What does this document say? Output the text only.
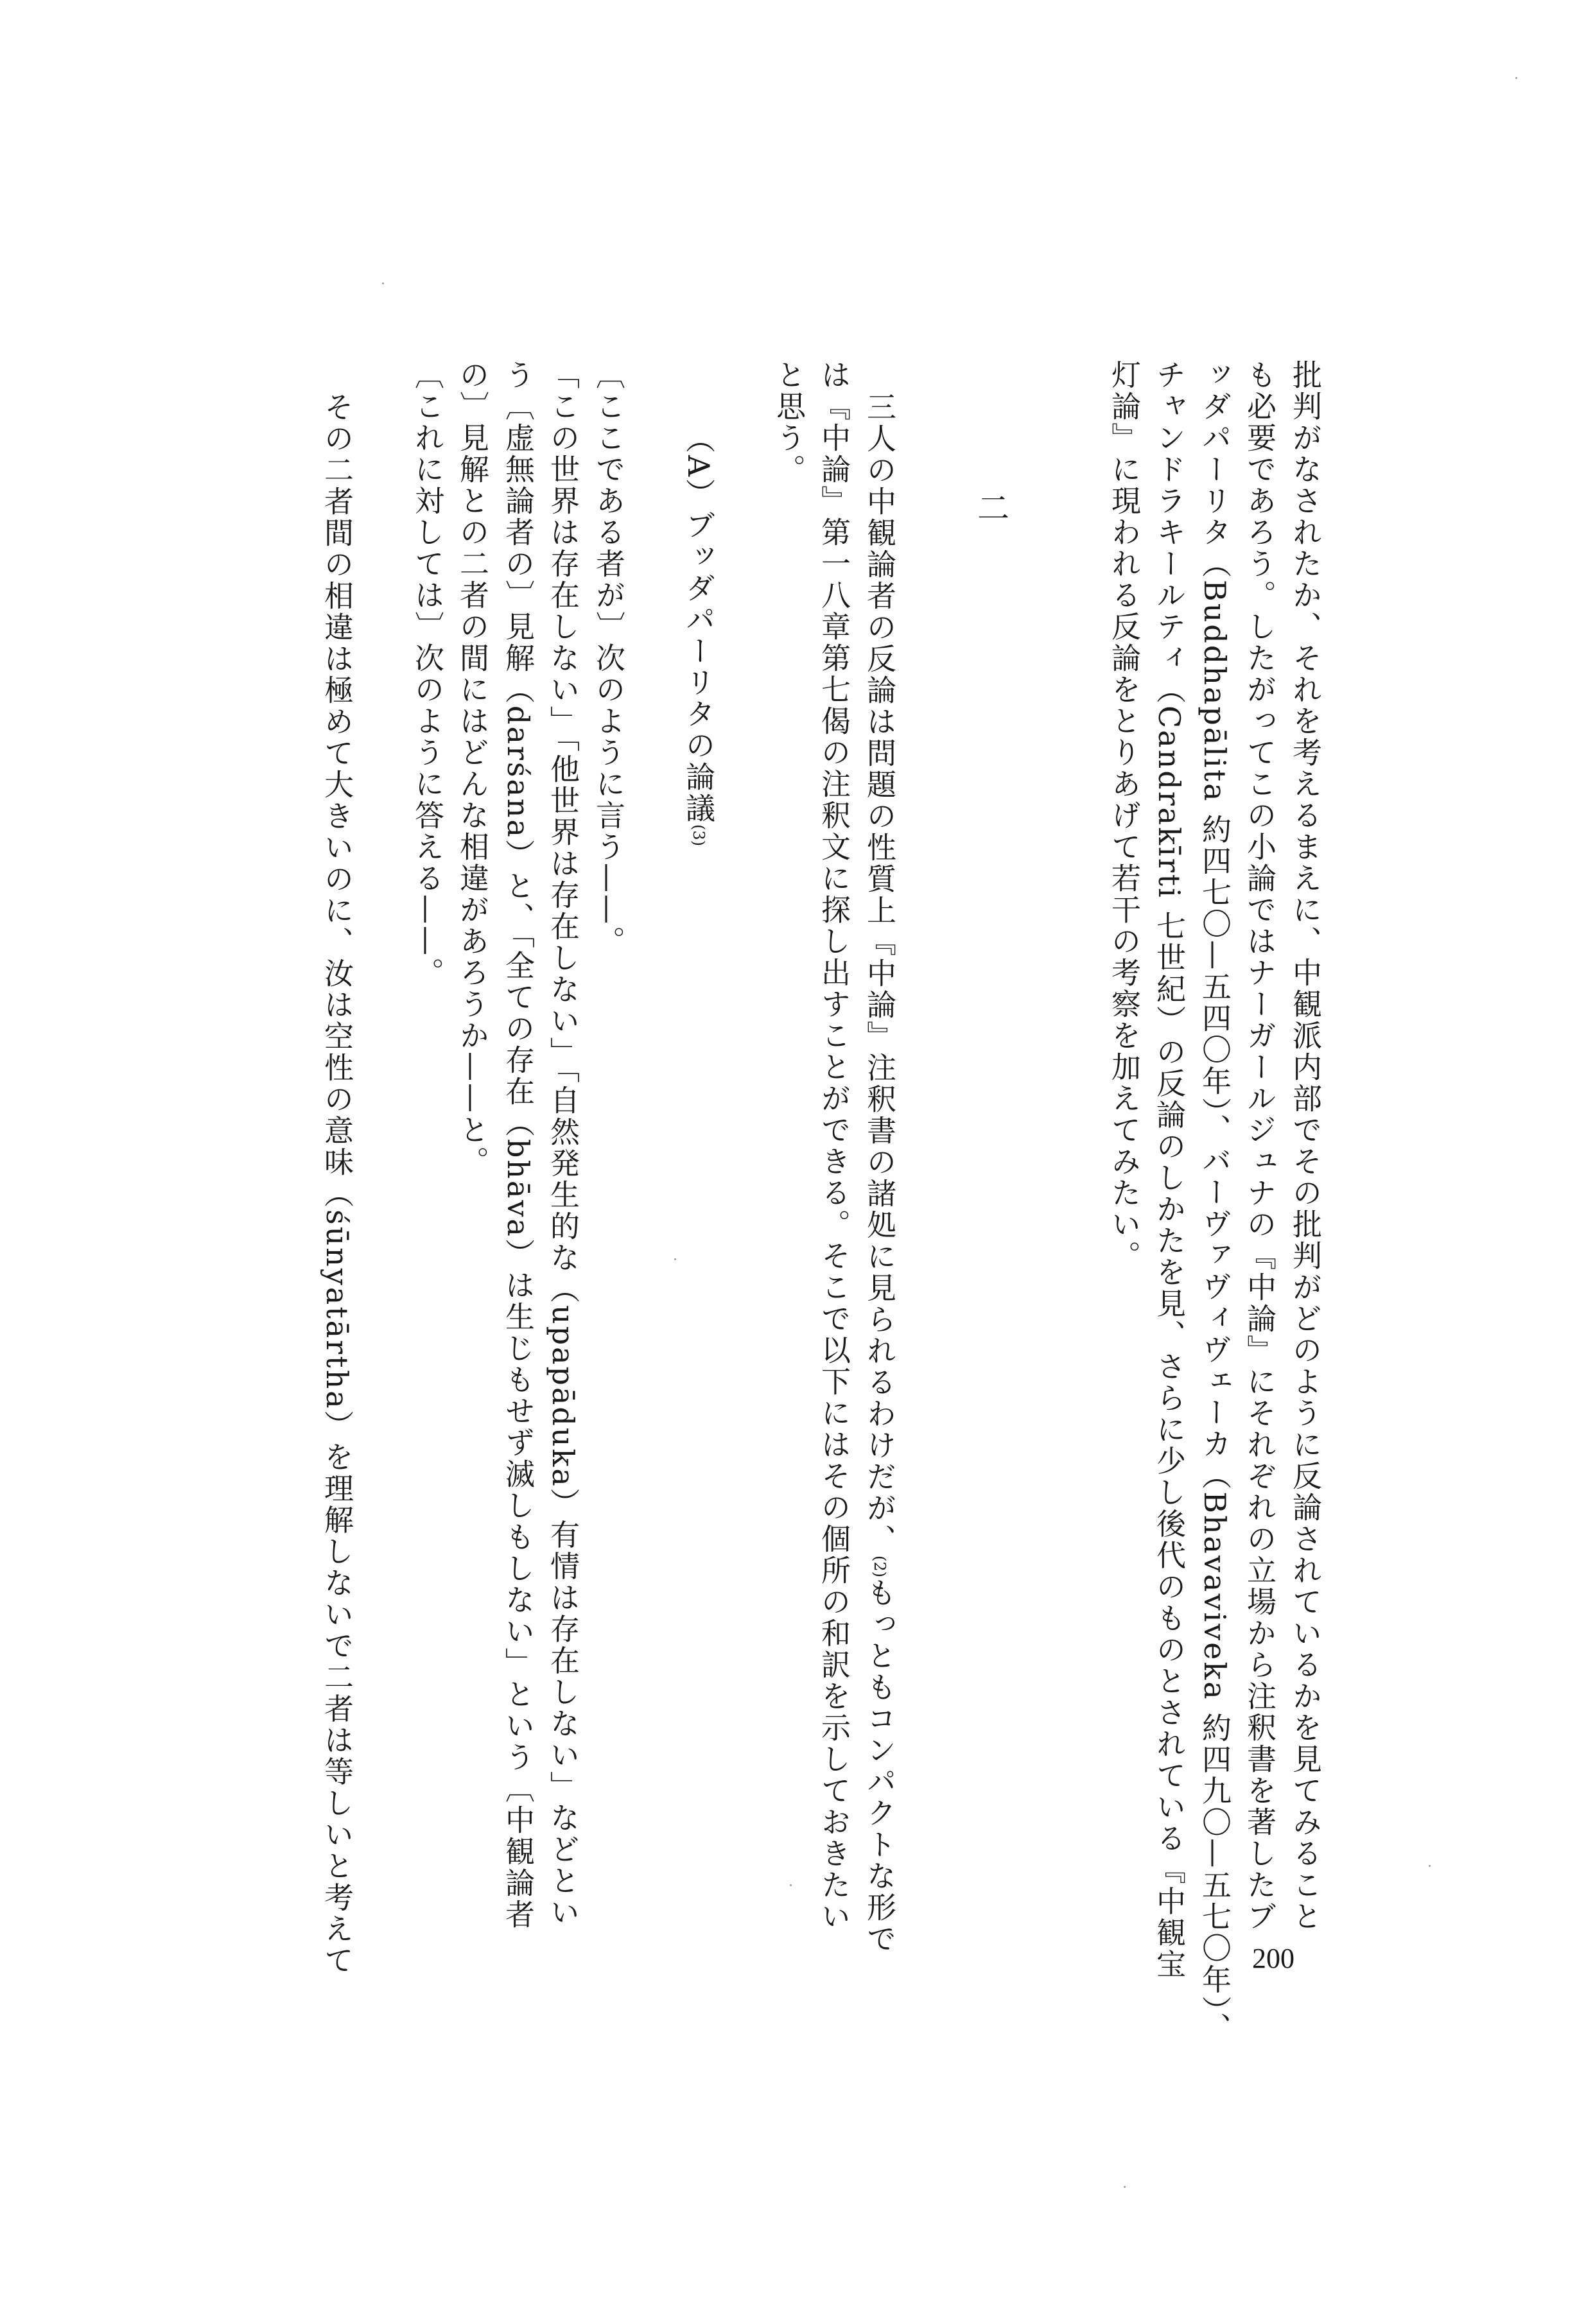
批判がなされたか、それを考えるまえに、中観派内部でその批判がどのように反論されているかを見てみること
も必要であろう。したがってこの小論ではナーガールジュナの『中論』にそれぞれの立場から注釈書を著したブ
ッダパーリタ（Buddhapālita 約四七〇—五四〇年）、バーヴァヴィヴェーカ（Bhavaviveka 約四九〇—五七〇年）、
チャンドラキールティ（Candrakīrti 七世紀）の反論のしかたを見、さらに少し後代のものとされている『中観宝
灯論』に現われる反論をとりあげて若干の考察を加えてみたい。
二
三人の中観論者の反論は問題の性質上『中論』注釈書の諸処に見られるわけだが、(2)もっともコンパクトな形で
は『中論』第一八章第七偈の注釈文に探し出すことができる。そこで以下にはその個所の和訳を示しておきたい
と思う。
（A）ブッダパーリタの論議(3)
〔ここである者が〕次のように言う——。
「この世界は存在しない」「他世界は存在しない」「自然発生的な（upapāduka）有情は存在しない」などとい
う〔虚無論者の〕見解（darśana）と、「全ての存在（bhāva）は生じもせず滅しもしない」という〔中観論者
の〕見解との二者の間にはどんな相違があろうか——と。
〔これに対しては〕次のように答える——。
その二者間の相違は極めて大きいのに、汝は空性の意味（śūnyatārtha）を理解しないで二者は等しいと考えて	200
